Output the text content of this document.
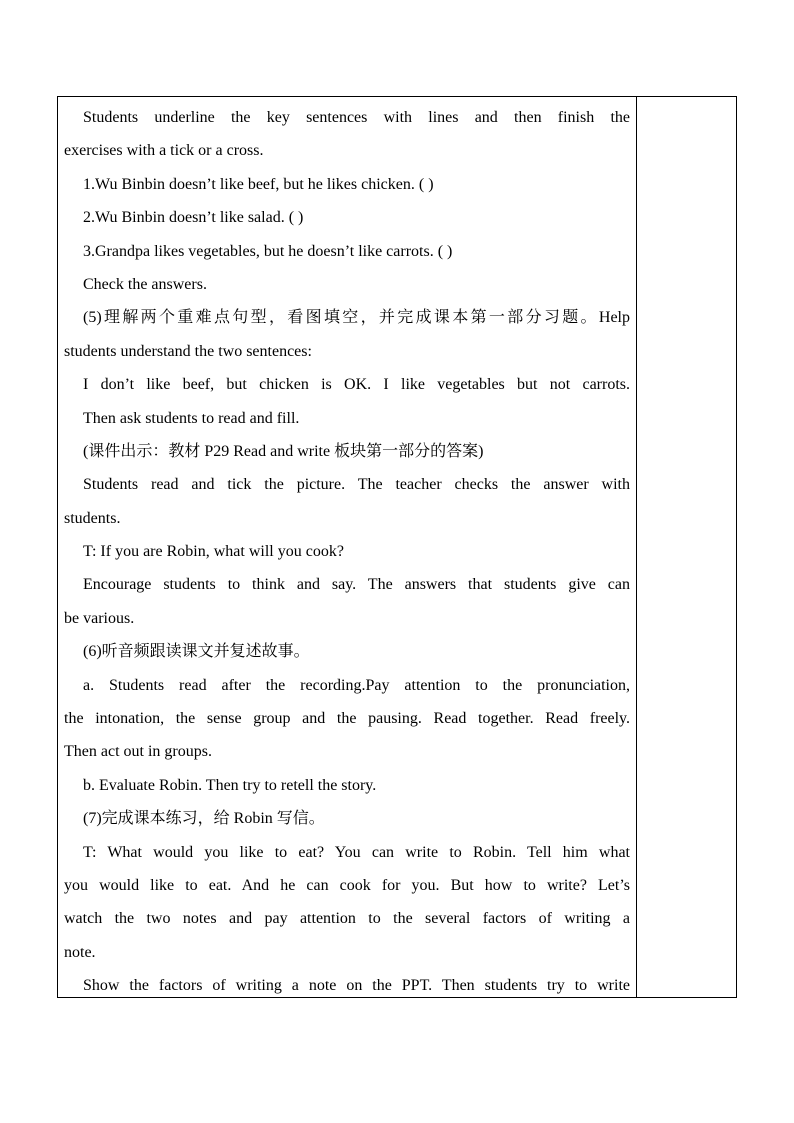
Students underline the key sentences with lines and then finish the
exercises with a tick or a cross.
1.Wu Binbin doesn’t like beef, but he likes chicken. ( )
2.Wu Binbin doesn’t like salad. ( )
3.Grandpa likes vegetables, but he doesn’t like carrots. ( )
Check the answers.
(5)理解两个重难点句型，看图填空，并完成课本第一部分习题。Help
students understand the two sentences:
I don’t like beef, but chicken is OK. I like vegetables but not carrots.
Then ask students to read and fill.
(课件出示：教材 P29 Read and write 板块第一部分的答案)
Students read and tick the picture. The teacher checks the answer with
students.
T: If you are Robin, what will you cook?
Encourage students to think and say. The answers that students give can
be various.
(6)听音频跟读课文并复述故事。
a. Students read after the recording.Pay attention to the pronunciation,
the intonation, the sense group and the pausing. Read together. Read freely.
Then act out in groups.
b. Evaluate Robin. Then try to retell the story.
(7)完成课本练习，给 Robin 写信。
T: What would you like to eat? You can write to Robin. Tell him what
you would like to eat. And he can cook for you. But how to write? Let’s
watch the two notes and pay attention to the several factors of writing a
note.
Show the factors of writing a note on the PPT. Then students try to write
